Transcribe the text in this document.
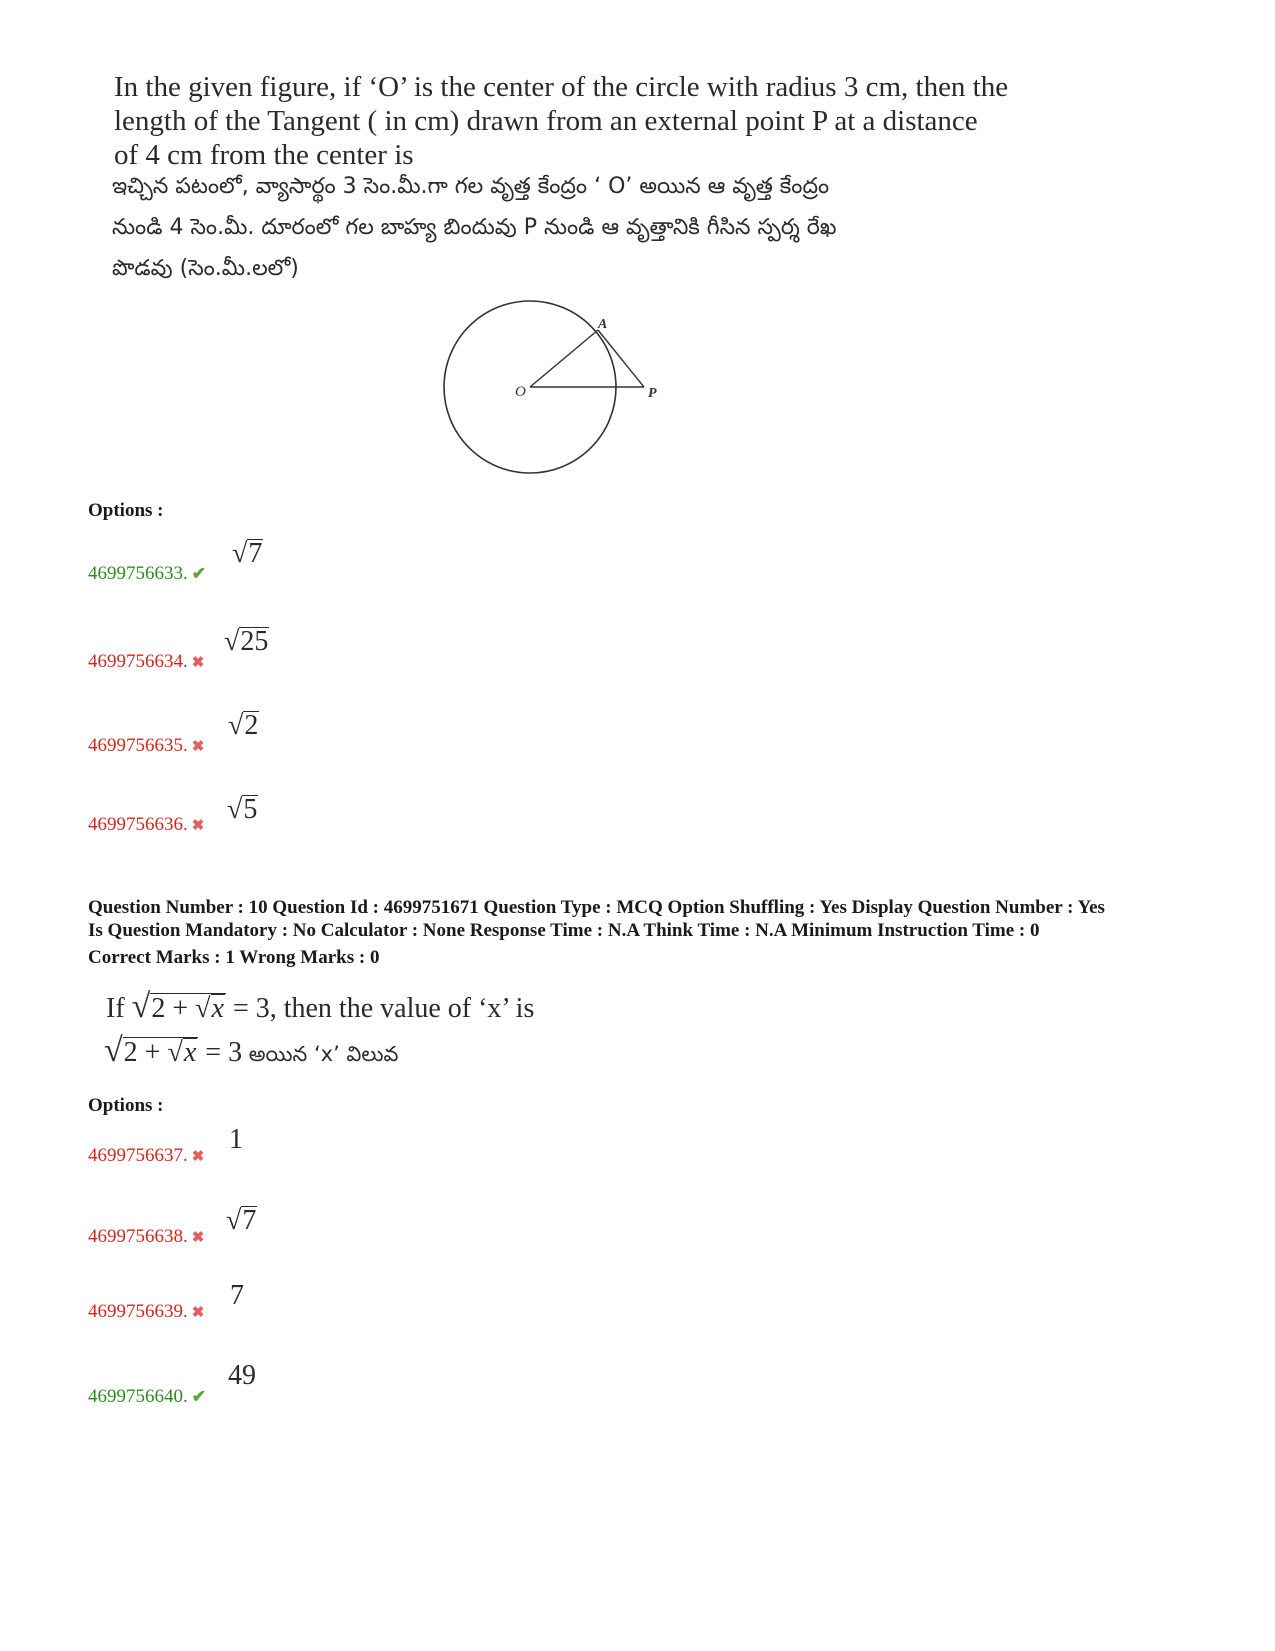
In the given figure, if ‘O’ is the center of the circle with radius 3 cm, then the
length of the Tangent ( in cm) drawn from an external point P at a distance
of 4 cm from the center is
ఇచ్చిన పటంలో, వ్యాసార్థం 3 సెం.మీ.గా గల వృత్త కేంద్రం ‘ O’ అయిన ఆ వృత్త కేంద్రం
నుండి 4 సెం.మీ. దూరంలో గల బాహ్య బిందువు P నుండి ఆ వృత్తానికి గీసిన స్పర్శ రేఖ
పొడవు (సెం.మీ.లలో)
O
A
P
Options :
4699756633. ✔
√7
4699756634. ✖
√25
4699756635. ✖
√2
4699756636. ✖
√5
Question Number : 10 Question Id : 4699751671 Question Type : MCQ Option Shuffling : Yes Display Question Number : Yes
Is Question Mandatory : No Calculator : None Response Time : N.A Think Time : N.A Minimum Instruction Time : 0
Correct Marks : 1 Wrong Marks : 0
If √2 + √x = 3, then the value of ‘x’ is
√2 + √x = 3 అయిన ‘x’ విలువ
Options :
4699756637. ✖
1
4699756638. ✖
√7
4699756639. ✖
7
4699756640. ✔
49
